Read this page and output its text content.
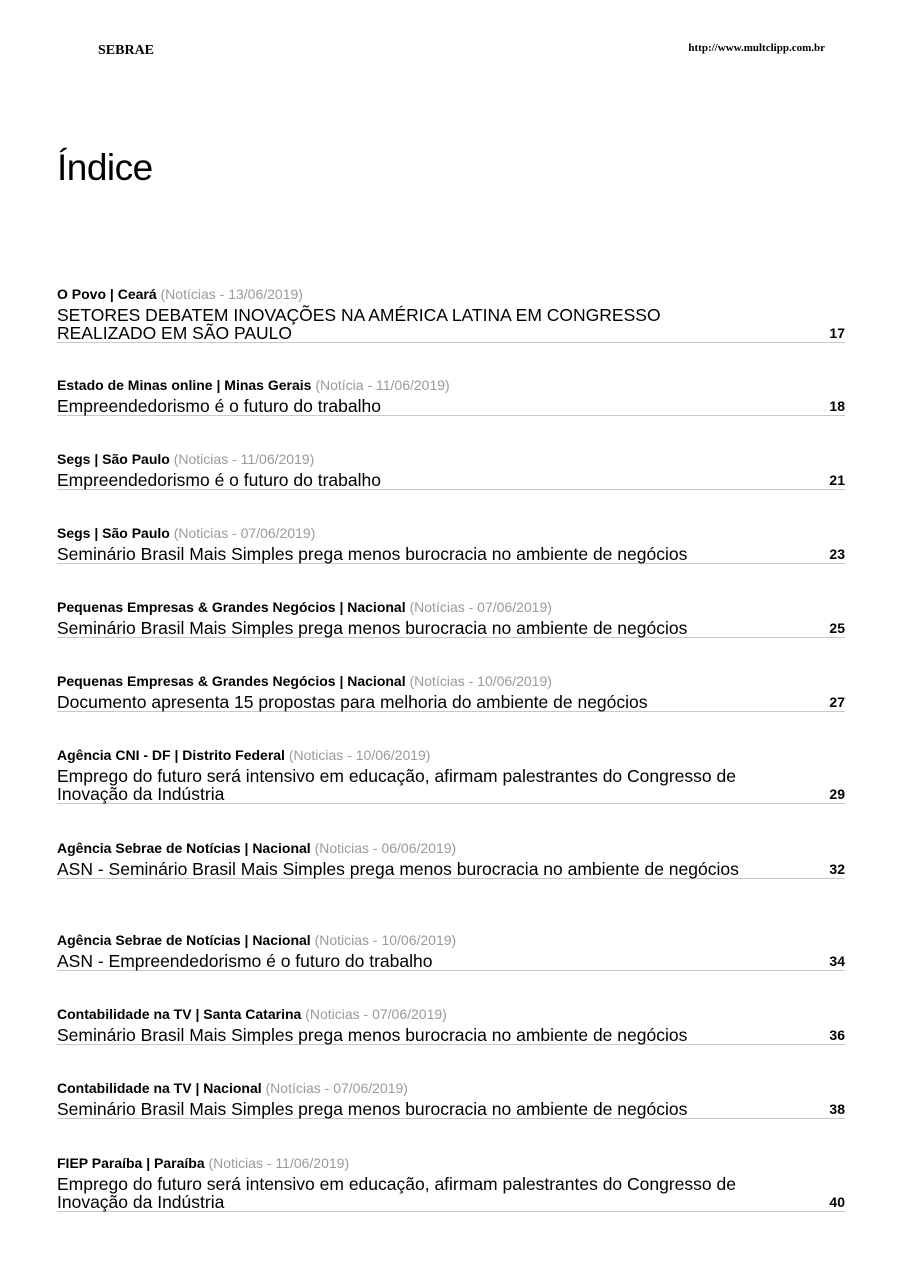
SEBRAE	http://www.multclipp.com.br
Índice
O Povo | Ceará (Notícias - 13/06/2019)
SETORES DEBATEM INOVAÇÕES NA AMÉRICA LATINA EM CONGRESSO REALIZADO EM SÃO PAULO	17
Estado de Minas online | Minas Gerais (Notícia - 11/06/2019)
Empreendedorismo é o futuro do trabalho	18
Segs | São Paulo (Noticias - 11/06/2019)
Empreendedorismo é o futuro do trabalho	21
Segs | São Paulo (Noticias - 07/06/2019)
Seminário Brasil Mais Simples prega menos burocracia no ambiente de negócios	23
Pequenas Empresas & Grandes Negócios | Nacional (Notícias - 07/06/2019)
Seminário Brasil Mais Simples prega menos burocracia no ambiente de negócios	25
Pequenas Empresas & Grandes Negócios | Nacional (Notícias - 10/06/2019)
Documento apresenta 15 propostas para melhoria do ambiente de negócios	27
Agência CNI - DF | Distrito Federal (Noticias - 10/06/2019)
Emprego do futuro será intensivo em educação, afirmam palestrantes do Congresso de Inovação da Indústria	29
Agência Sebrae de Notícias | Nacional (Noticias - 06/06/2019)
ASN - Seminário Brasil Mais Simples prega menos burocracia no ambiente de negócios	32
Agência Sebrae de Notícias | Nacional (Noticias - 10/06/2019)
ASN - Empreendedorismo é o futuro do trabalho	34
Contabilidade na TV | Santa Catarina (Noticias - 07/06/2019)
Seminário Brasil Mais Simples prega menos burocracia no ambiente de negócios	36
Contabilidade na TV | Nacional (Notícias - 07/06/2019)
Seminário Brasil Mais Simples prega menos burocracia no ambiente de negócios	38
FIEP Paraíba | Paraíba (Noticias - 11/06/2019)
Emprego do futuro será intensivo em educação, afirmam palestrantes do Congresso de Inovação da Indústria	40
